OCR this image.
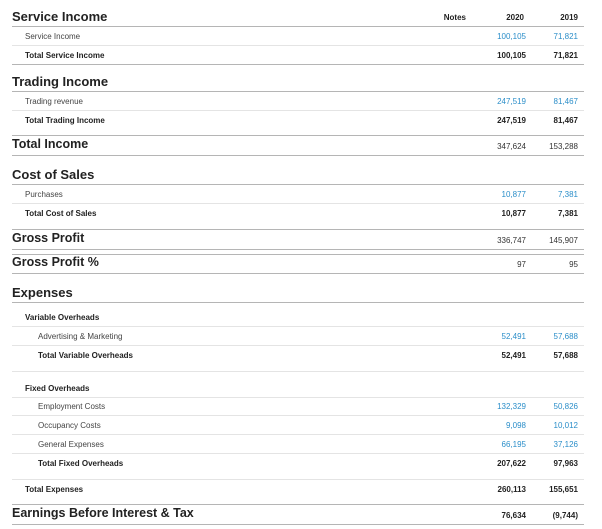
Service Income	Notes	2020	2019
Service Income	100,105	71,821
Total Service Income	100,105	71,821
Trading Income
Trading revenue	247,519	81,467
Total Trading Income	247,519	81,467
Total Income	347,624	153,288
Cost of Sales
Purchases	10,877	7,381
Total Cost of Sales	10,877	7,381
Gross Profit	336,747	145,907
Gross Profit %	97	95
Expenses
Variable Overheads
Advertising & Marketing	52,491	57,688
Total Variable Overheads	52,491	57,688
Fixed Overheads
Employment Costs	132,329	50,826
Occupancy Costs	9,098	10,012
General Expenses	66,195	37,126
Total Fixed Overheads	207,622	97,963
Total Expenses	260,113	155,651
Earnings Before Interest & Tax	76,634	(9,744)
